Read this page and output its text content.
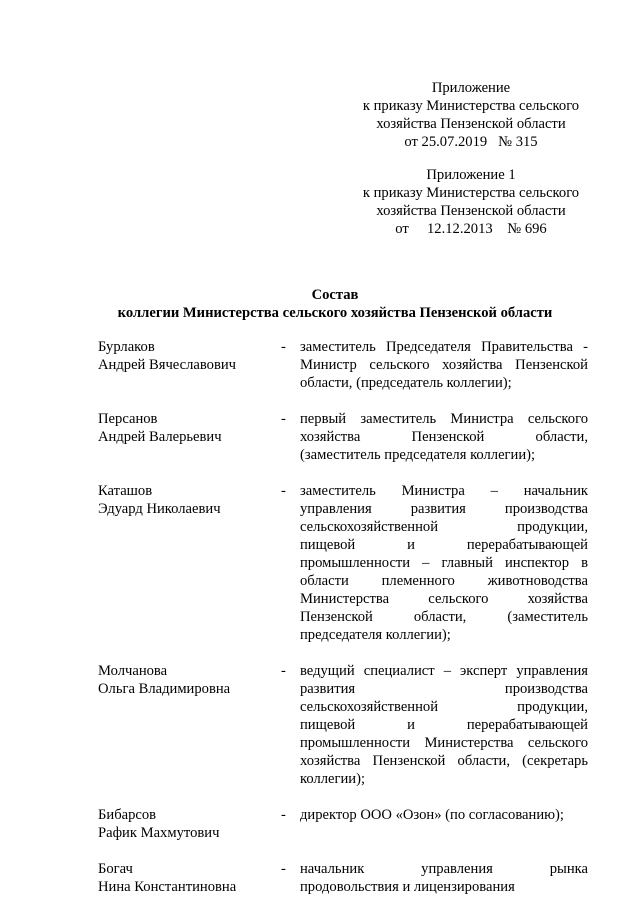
Приложение
к приказу Министерства сельского
хозяйства Пензенской области
от 25.07.2019   № 315
Приложение 1
к приказу Министерства сельского
хозяйства Пензенской области
от     12.12.2013    № 696
Состав
коллегии Министерства сельского хозяйства Пензенской области
Бурлаков
Андрей Вячеславович
- заместитель Председателя Правительства -
Министр сельского хозяйства Пензенской
области, (председатель коллегии);
Персанов
Андрей Валерьевич
- первый заместитель Министра сельского
хозяйства Пензенской области,
(заместитель председателя коллегии);
Каташов
Эдуард Николаевич
- заместитель Министра – начальник
управления развития производства
сельскохозяйственной продукции,
пищевой и перерабатывающей
промышленности – главный инспектор в
области племенного животноводства
Министерства сельского хозяйства
Пензенской области, (заместитель
председателя коллегии);
Молчанова
Ольга Владимировна
- ведущий специалист – эксперт управления
развития производства
сельскохозяйственной продукции,
пищевой и перерабатывающей
промышленности Министерства сельского
хозяйства Пензенской области, (секретарь
коллегии);
Бибарсов
Рафик Махмутович
- директор ООО «Озон» (по согласованию);
Богач
Нина Константиновна
- начальник управления рынка
продовольствия и лицензирования
